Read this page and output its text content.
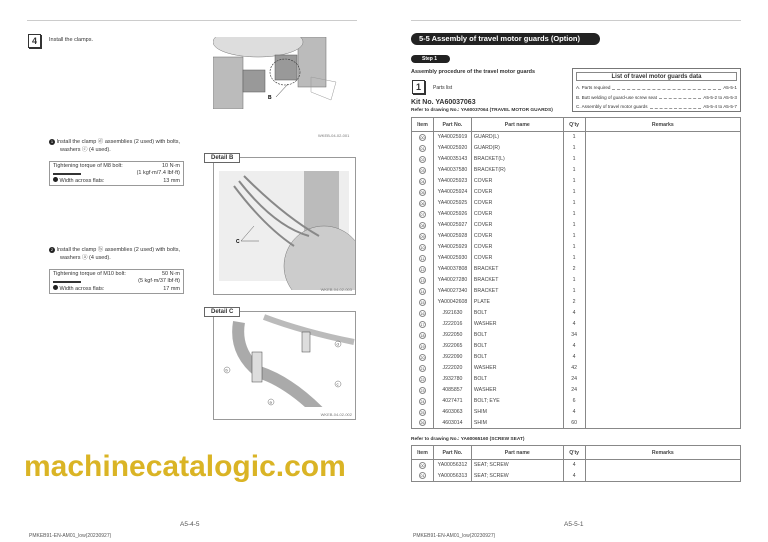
4	Install the clamps.
B
WKEB-04-02-001
1 Install the clamp ⓓ assemblies (2 used) with bolts,
washers ⓒ (4 used).
Tightening torque of M8 bolt:	10 N·m
(1 kgf·m/7.4 lbf·ft)
Width across flats:	13 mm
C
WKEB-04-02-003
Detail B
2 Install the clamp ⓑ assemblies (2 used) with bolts,
washers ⓐ (4 used).
Tightening torque of M10 bolt:	50 N·m
(5 kgf·m/37 lbf·ft)
Width across flats:	17 mm
b
a
c
d
WKEB-04-02-002
Detail C
machinecatalogic.com
A5-4-5
PMKEB91-EN-AM01_low(20230927)
5-5 Assembly of travel motor guards (Option)
Step 1
Assembly procedure of the travel motor guards
1	Parts list
Kit No. YA60037063
Refer to drawing No.: YA60037064 (TRAVEL MOTOR GUARDS)
List of travel motor guards data
A. Parts required	A5-5-1
B. Butt welding of guard-use screw seat	A5-5-2 to A5-5-3
C. Assembly of travel motor guards	A5-5-4 to A5-5-7
Item	Part No.	Part name	Q'ty	Remarks
00	YA40025919	GUARD(L)	1	
01	YA40025920	GUARD(R)	1	
02	YA40035143	BRACKET(L)	1	
03	YA40037580	BRACKET(R)	1	
04	YA40025923	COVER	1	
05	YA40025924	COVER	1	
06	YA40025925	COVER	1	
07	YA40025926	COVER	1	
08	YA40025927	COVER	1	
09	YA40025928	COVER	1	
10	YA40025929	COVER	1	
11	YA40025930	COVER	1	
12	YA40037808	BRACKET	2	
13	YA40027280	BRACKET	1	
14	YA40027340	BRACKET	1	
15	YA00042608	PLATE	2	
16	J921630	BOLT	4	
17	J222016	WASHER	4	
18	J922050	BOLT	34	
19	J922065	BOLT	4	
20	J922090	BOLT	4	
21	J222020	WASHER	42	
22	J932780	BOLT	24	
23	4085857	WASHER	24	
24	4027471	BOLT; EYE	6	
25	4603063	SHIM	4	
26	4603014	SHIM	60	
Refer to drawing No.: YA60065160 (SCREW SEAT)
Item	Part No.	Part name	Q'ty	Remarks
00	YA00056312	SEAT; SCREW	4	
01	YA00056313	SEAT; SCREW	4	
A5-5-1
PMKEB91-EN-AM01_low(20230927)
